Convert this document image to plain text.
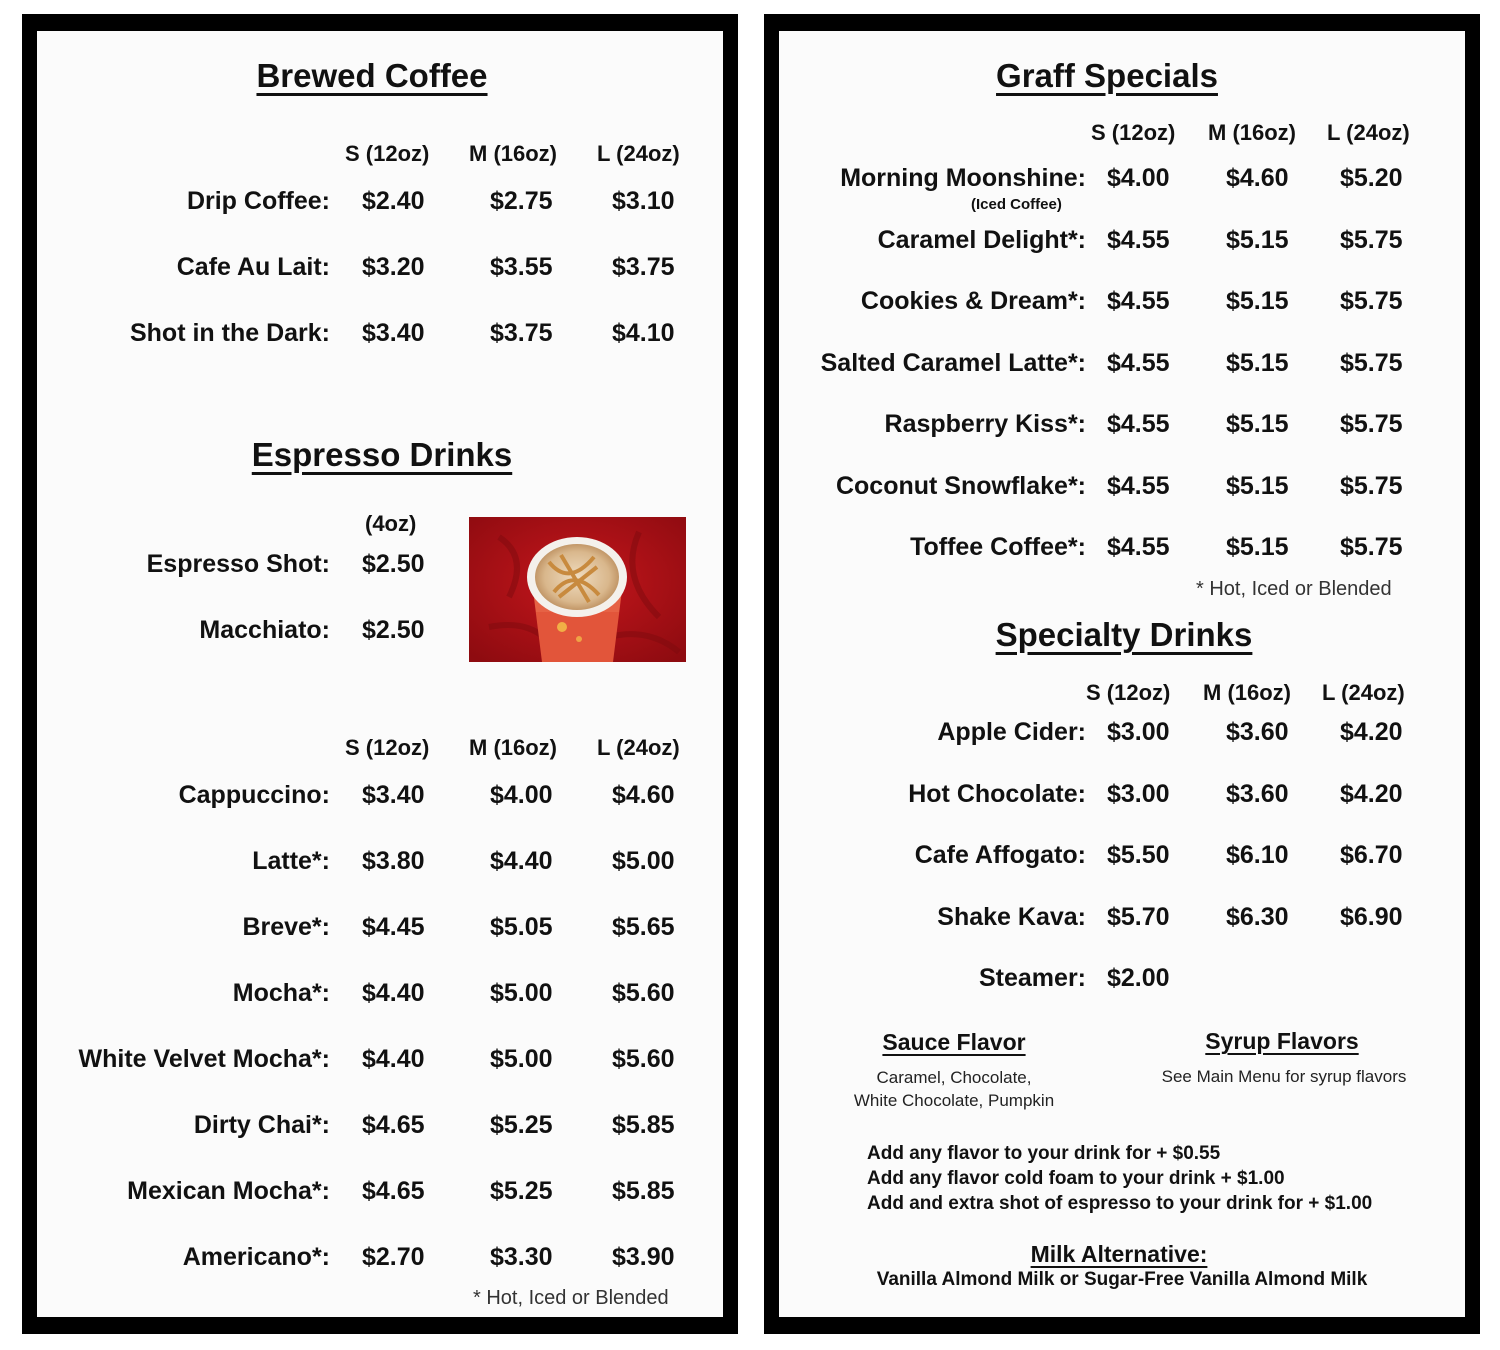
Brewed Coffee
S (12oz) M (16oz) L (24oz)
Drip Coffee: $2.40	$2.75 $3.10
Cafe Au Lait: $3.20	$3.55 $3.75
Shot in the Dark: $3.40	$3.75 $4.10
Espresso Drinks
(4oz)
Espresso Shot: $2.50
Macchiato: $2.50
S (12oz) M (16oz) L (24oz)
Cappuccino: $3.40	$4.00 $4.60
Latte*: $3.80	$4.40 $5.00
Breve*: $4.45	$5.05 $5.65
Mocha*: $4.40	$5.00 $5.60
White Velvet Mocha*: $4.40	$5.00 $5.60
Dirty Chai*: $4.65	$5.25 $5.85
Mexican Mocha*: $4.65	$5.25 $5.85
Americano*: $2.70	$3.30 $3.90
* Hot, Iced or Blended
Graff Specials
S (12oz) M (16oz) L (24oz)
Morning Moonshine: $4.00 $4.60 $5.20
(Iced Coffee)
Caramel Delight*: $4.55 $5.15 $5.75
Cookies & Dream*: $4.55 $5.15 $5.75
Salted Caramel Latte*: $4.55 $5.15 $5.75
Raspberry Kiss*: $4.55 $5.15 $5.75
Coconut Snowflake*: $4.55 $5.15 $5.75
Toffee Coffee*: $4.55 $5.15 $5.75
* Hot, Iced or Blended
Specialty Drinks
S (12oz) M (16oz) L (24oz)
Apple Cider: $3.00 $3.60 $4.20
Hot Chocolate: $3.00 $3.60 $4.20
Cafe Affogato: $5.50 $6.10 $6.70
Shake Kava: $5.70 $6.30 $6.90
Steamer: $2.00
Sauce Flavor
Caramel, Chocolate,
White Chocolate, Pumpkin
Syrup Flavors
See Main Menu for syrup flavors
Add any flavor to your drink for + $0.55
Add any flavor cold foam to your drink + $1.00
Add and extra shot of espresso to your drink for + $1.00
Milk Alternative:
Vanilla Almond Milk or Sugar-Free Vanilla Almond Milk
